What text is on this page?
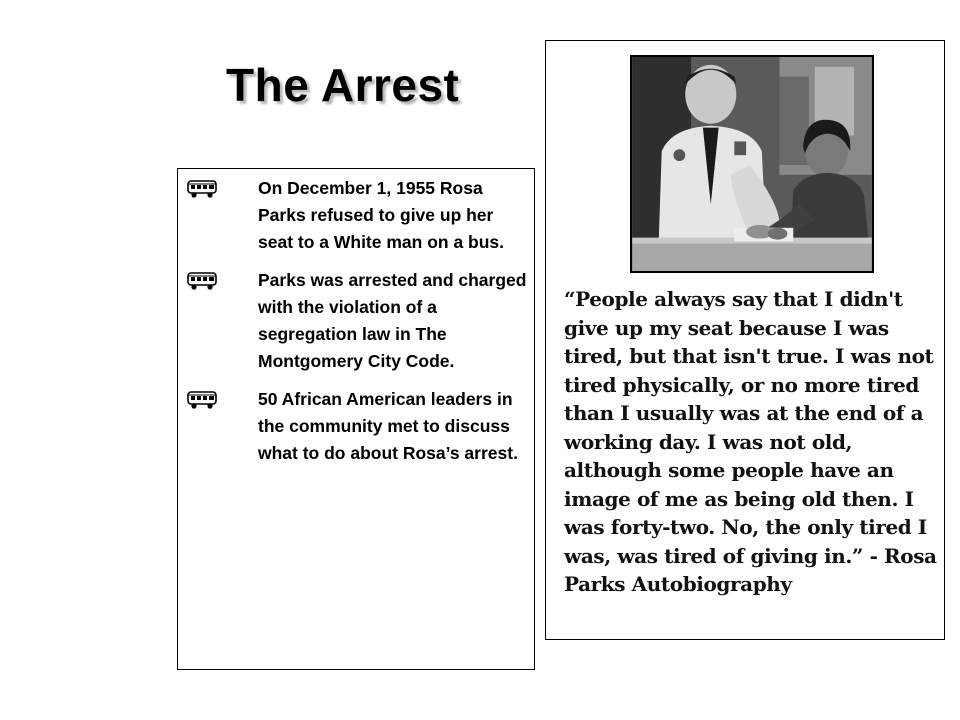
The Arrest
On December 1, 1955 Rosa Parks refused to give up her seat to a White man on a bus.
Parks was arrested and charged with the violation of a segregation law in The Montgomery City Code.
50 African American leaders in the community met to discuss what to do about Rosa’s arrest.

“People always say that I didn't give up my seat because I was tired, but that isn't true. I was not tired physically, or no more tired than I usually was at the end of a working day. I was not old, although some people have an image of me as being old then. I was forty-two. No, the only tired I was, was tired of giving in.” - Rosa Parks Autobiography
